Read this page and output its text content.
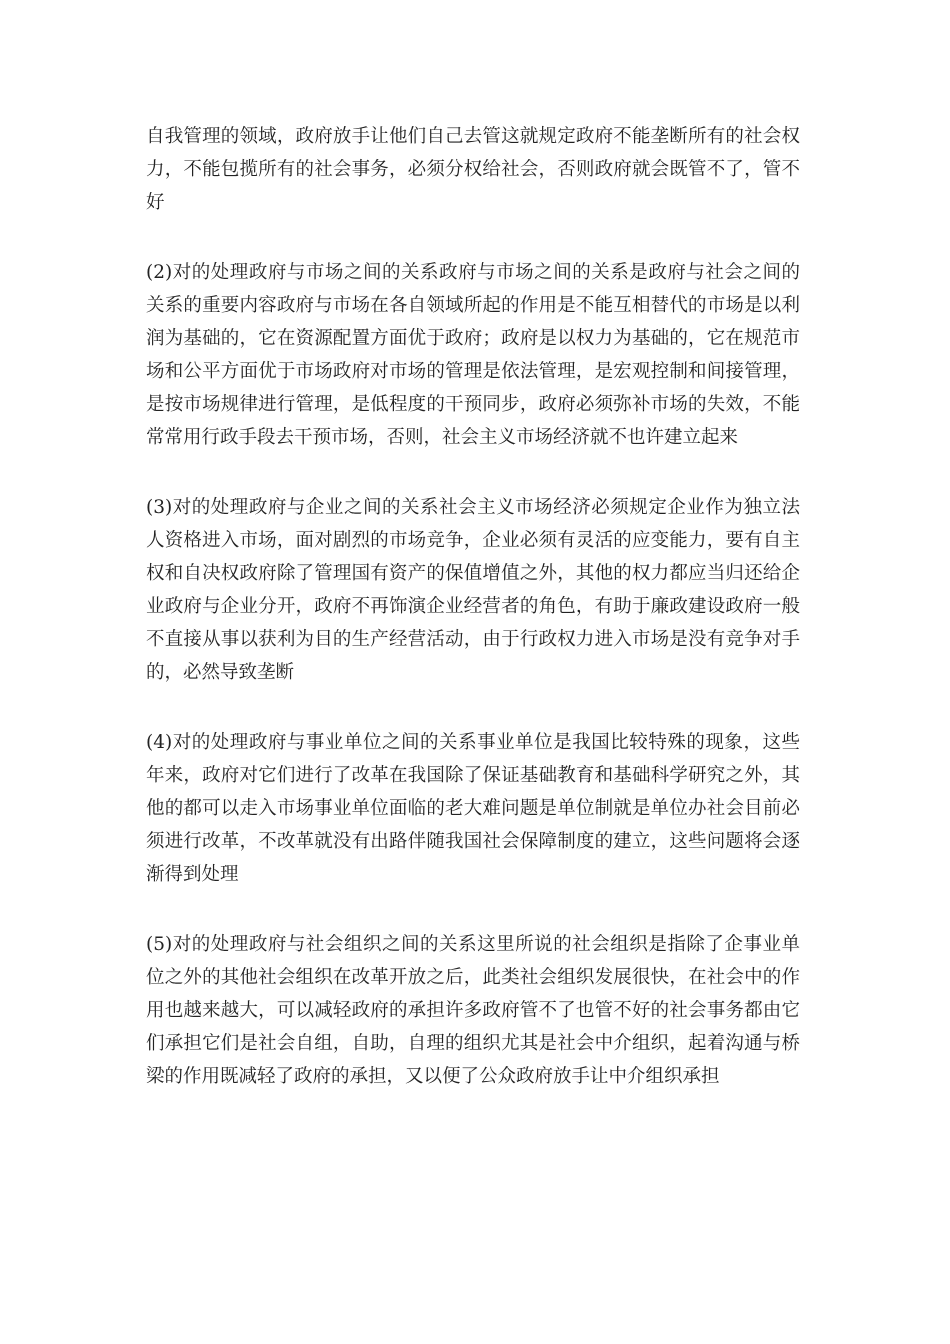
自我管理的领域，政府放手让他们自己去管这就规定政府不能垄断所有的社会权力，不能包揽所有的社会事务，必须分权给社会，否则政府就会既管不了，管不好

(2)对的处理政府与市场之间的关系政府与市场之间的关系是政府与社会之间的关系的重要内容政府与市场在各自领域所起的作用是不能互相替代的市场是以利润为基础的，它在资源配置方面优于政府；政府是以权力为基础的，它在规范市场和公平方面优于市场政府对市场的管理是依法管理，是宏观控制和间接管理，是按市场规律进行管理，是低程度的干预同步，政府必须弥补市场的失效，不能常常用行政手段去干预市场，否则，社会主义市场经济就不也许建立起来

(3)对的处理政府与企业之间的关系社会主义市场经济必须规定企业作为独立法人资格进入市场，面对剧烈的市场竞争，企业必须有灵活的应变能力，要有自主权和自决权政府除了管理国有资产的保值增值之外，其他的权力都应当归还给企业政府与企业分开，政府不再饰演企业经营者的角色，有助于廉政建设政府一般不直接从事以获利为目的生产经营活动，由于行政权力进入市场是没有竞争对手的，必然导致垄断

(4)对的处理政府与事业单位之间的关系事业单位是我国比较特殊的现象，这些年来，政府对它们进行了改革在我国除了保证基础教育和基础科学研究之外，其他的都可以走入市场事业单位面临的老大难问题是单位制就是单位办社会目前必须进行改革，不改革就没有出路伴随我国社会保障制度的建立，这些问题将会逐渐得到处理

(5)对的处理政府与社会组织之间的关系这里所说的社会组织是指除了企事业单位之外的其他社会组织在改革开放之后，此类社会组织发展很快，在社会中的作用也越来越大，可以减轻政府的承担许多政府管不了也管不好的社会事务都由它们承担它们是社会自组，自助，自理的组织尤其是社会中介组织，起着沟通与桥梁的作用既减轻了政府的承担，又以便了公众政府放手让中介组织承担
